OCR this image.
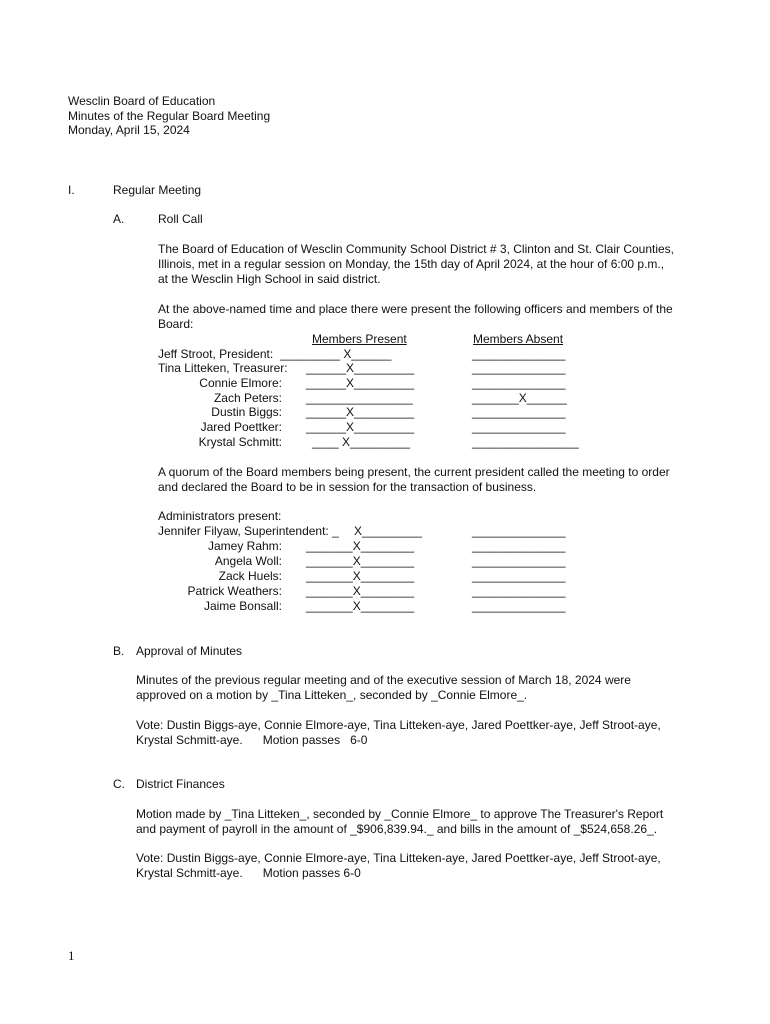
Wesclin Board of Education
Minutes of the Regular Board Meeting
Monday, April 15, 2024
I.	Regular Meeting
A.	Roll Call
The Board of Education of Wesclin Community School District # 3, Clinton and St. Clair Counties,
Illinois, met in a regular session on Monday, the 15th day of April 2024, at the hour of 6:00 p.m.,
at the Wesclin High School in said district.
At the above-named time and place there were present the following officers and members of the
Board:
Members Present	Members Absent
Jeff Stroot, President: _________ X______	______________
Tina Litteken, Treasurer: ______X_________	______________
Connie Elmore: ______X_________	______________
Zach Peters: ________________	_______X______
Dustin Biggs: ______X_________	______________
Jared Poettker: ______X_________	______________
Krystal Schmitt:	____ X_________	________________
A quorum of the Board members being present, the current president called the meeting to order
and declared the Board to be in session for the transaction of business.
Administrators present:
Jennifer Filyaw, Superintendent: _ X_________	______________
Jamey Rahm: _______X________	______________
Angela Woll: _______X________	______________
Zack Huels: _______X________	______________
Patrick Weathers: _______X________	______________
Jaime Bonsall: _______X________	______________
B. Approval of Minutes
Minutes of the previous regular meeting and of the executive session of March 18, 2024 were
approved on a motion by _Tina Litteken_, seconded by _Connie Elmore_.
Vote: Dustin Biggs-aye, Connie Elmore-aye, Tina Litteken-aye, Jared Poettker-aye, Jeff Stroot-aye,
Krystal Schmitt-aye.      Motion passes   6-0
C. District Finances
Motion made by _Tina Litteken_, seconded by _Connie Elmore_ to approve The Treasurer's Report
and payment of payroll in the amount of _$906,839.94._ and bills in the amount of _$524,658.26_.
Vote: Dustin Biggs-aye, Connie Elmore-aye, Tina Litteken-aye, Jared Poettker-aye, Jeff Stroot-aye,
Krystal Schmitt-aye.      Motion passes 6-0
1
